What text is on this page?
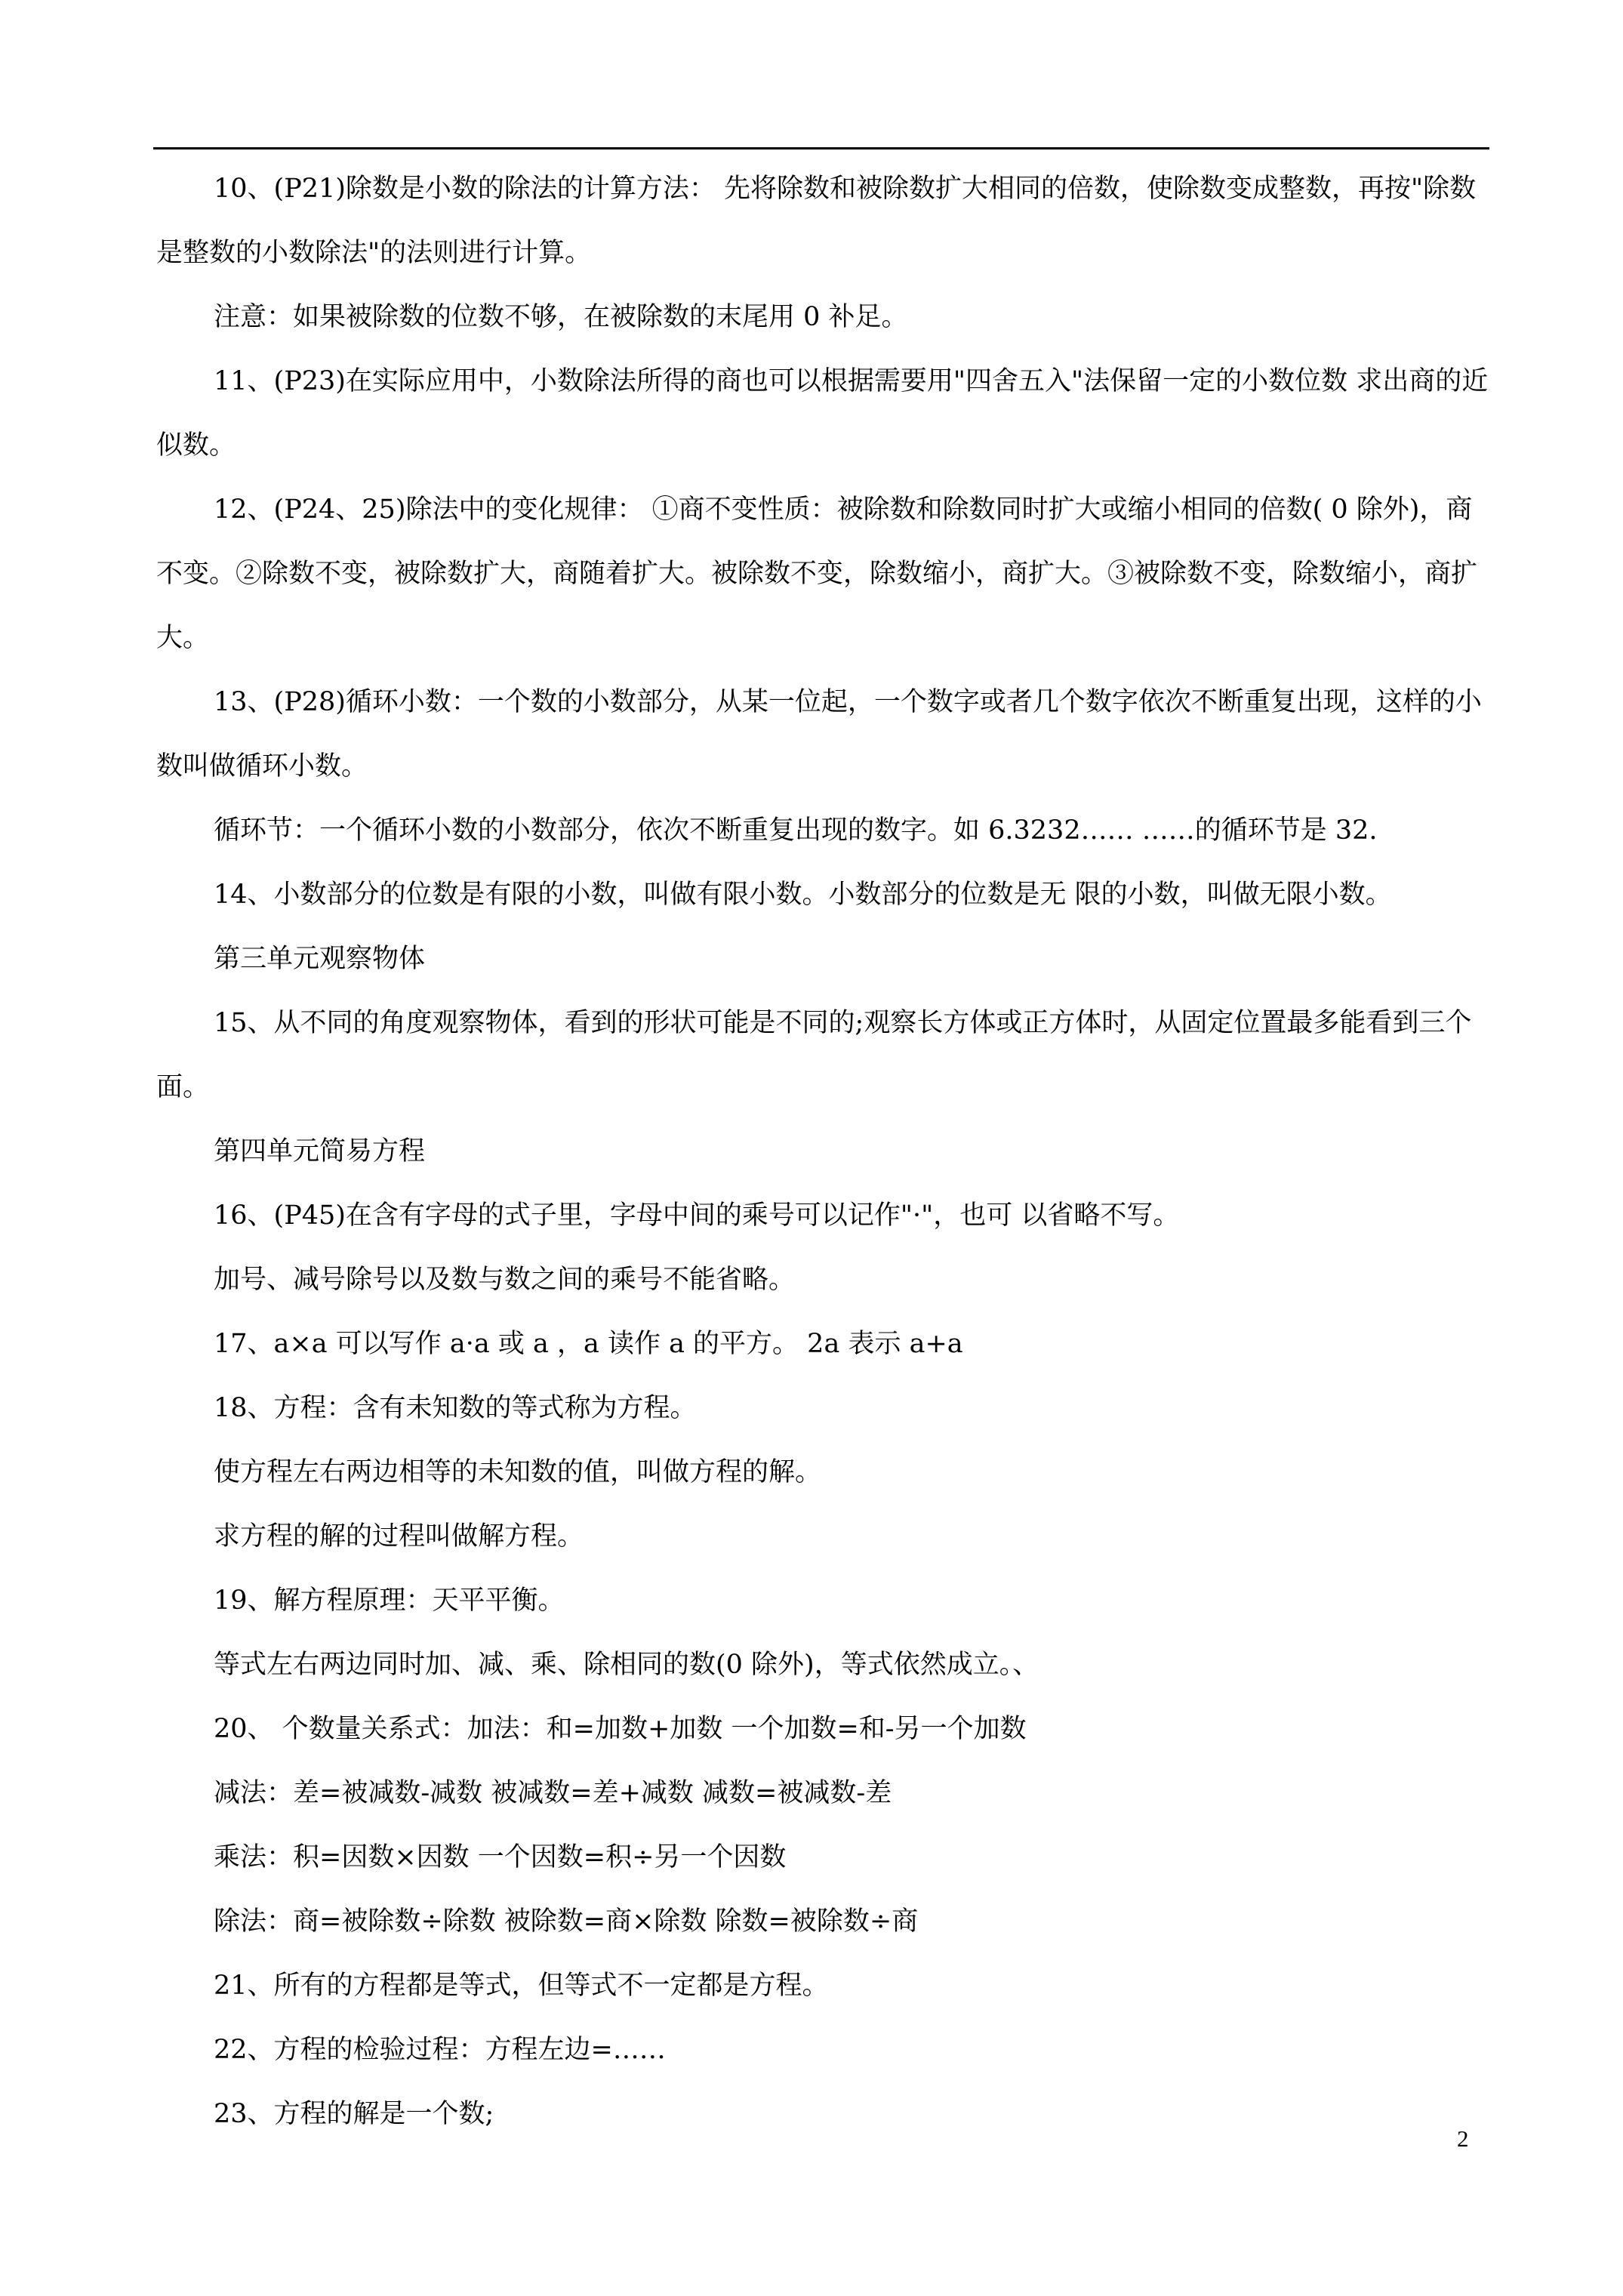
10、(P21)除数是小数的除法的计算方法： 先将除数和被除数扩大相同的倍数，使除数变成整数，再按"除数是整数的小数除法"的法则进行计算。

注意：如果被除数的位数不够，在被除数的末尾用 0 补足。

11、(P23)在实际应用中，小数除法所得的商也可以根据需要用"四舍五入"法保留一定的小数位数 求出商的近似数。

12、(P24、25)除法中的变化规律： ①商不变性质：被除数和除数同时扩大或缩小相同的倍数( 0 除外)，商不变。②除数不变，被除数扩大，商随着扩大。被除数不变，除数缩小，商扩大。③被除数不变，除数缩小，商扩大。

13、(P28)循环小数：一个数的小数部分，从某一位起，一个数字或者几个数字依次不断重复出现，这样的小数叫做循环小数。

循环节：一个循环小数的小数部分，依次不断重复出现的数字。如 6.3232…… ……的循环节是 32.

14、小数部分的位数是有限的小数，叫做有限小数。小数部分的位数是无 限的小数，叫做无限小数。

第三单元观察物体

15、从不同的角度观察物体，看到的形状可能是不同的;观察长方体或正方体时，从固定位置最多能看到三个面。

第四单元简易方程

16、(P45)在含有字母的式子里，字母中间的乘号可以记作"·"，也可 以省略不写。

加号、减号除号以及数与数之间的乘号不能省略。

17、a×a 可以写作 a·a 或 a ，a 读作 a 的平方。 2a 表示 a+a

18、方程：含有未知数的等式称为方程。

使方程左右两边相等的未知数的值，叫做方程的解。

求方程的解的过程叫做解方程。

19、解方程原理：天平平衡。

等式左右两边同时加、减、乘、除相同的数(0 除外)，等式依然成立。、

20、 个数量关系式：加法：和=加数+加数 一个加数=和-另一个加数

减法：差=被减数-减数 被减数=差+减数 减数=被减数-差

乘法：积=因数×因数 一个因数=积÷另一个因数

除法：商=被除数÷除数 被除数=商×除数 除数=被除数÷商

21、所有的方程都是等式，但等式不一定都是方程。

22、方程的检验过程：方程左边=……

23、方程的解是一个数;

2
